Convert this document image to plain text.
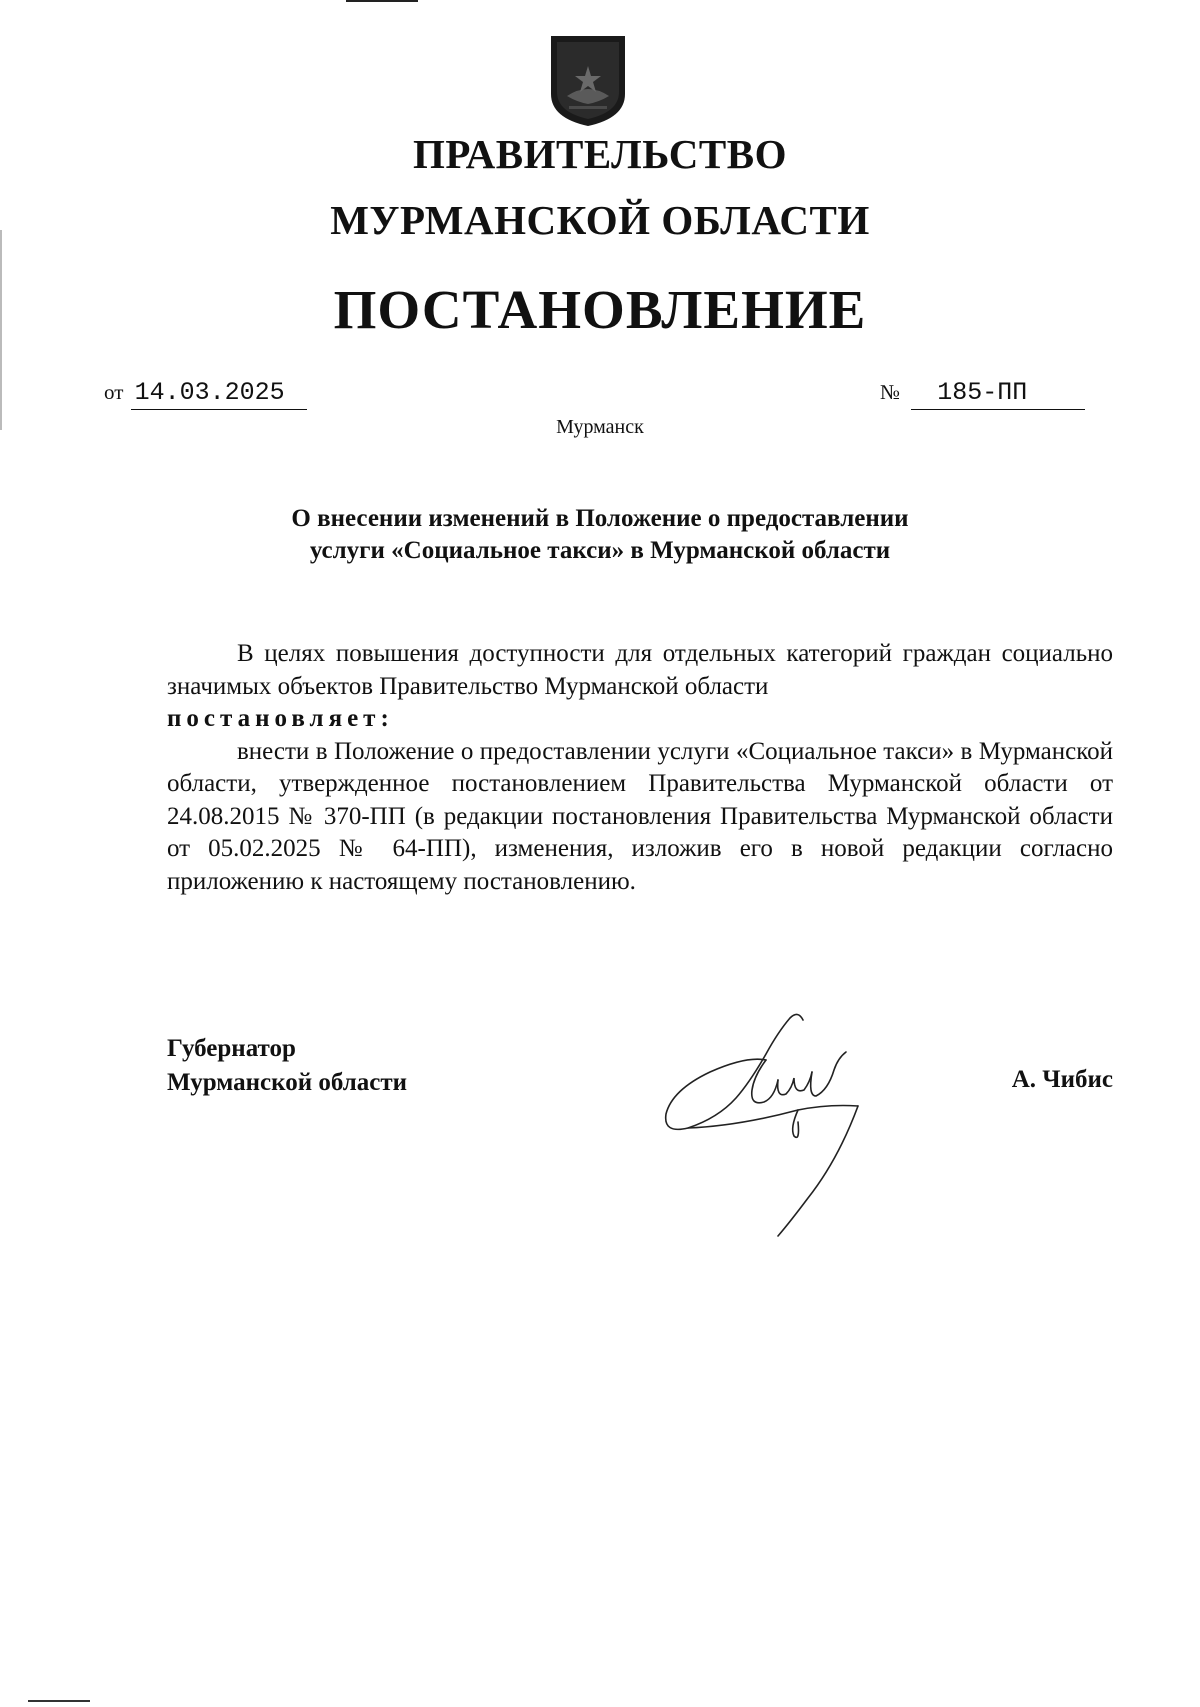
ПРАВИТЕЛЬСТВО
МУРМАНСКОЙ ОБЛАСТИ
ПОСТАНОВЛЕНИЕ
от 14.03.2025	№ 185-ПП
Мурманск
О внесении изменений в Положение о предоставлении
услуги «Социальное такси» в Мурманской области

В целях повышения доступности для отдельных категорий граждан социально значимых объектов Правительство Мурманской области

постановляет:

внести в Положение о предоставлении услуги «Социальное такси» в Мурманской области, утвержденное постановлением Правительства Мурманской области от 24.08.2015 № 370-ПП (в редакции постановления Правительства Мурманской области от 05.02.2025 № 64-ПП), изменения, изложив его в новой редакции согласно приложению к настоящему постановлению.

Губернатор
Мурманской области	А. Чибис
